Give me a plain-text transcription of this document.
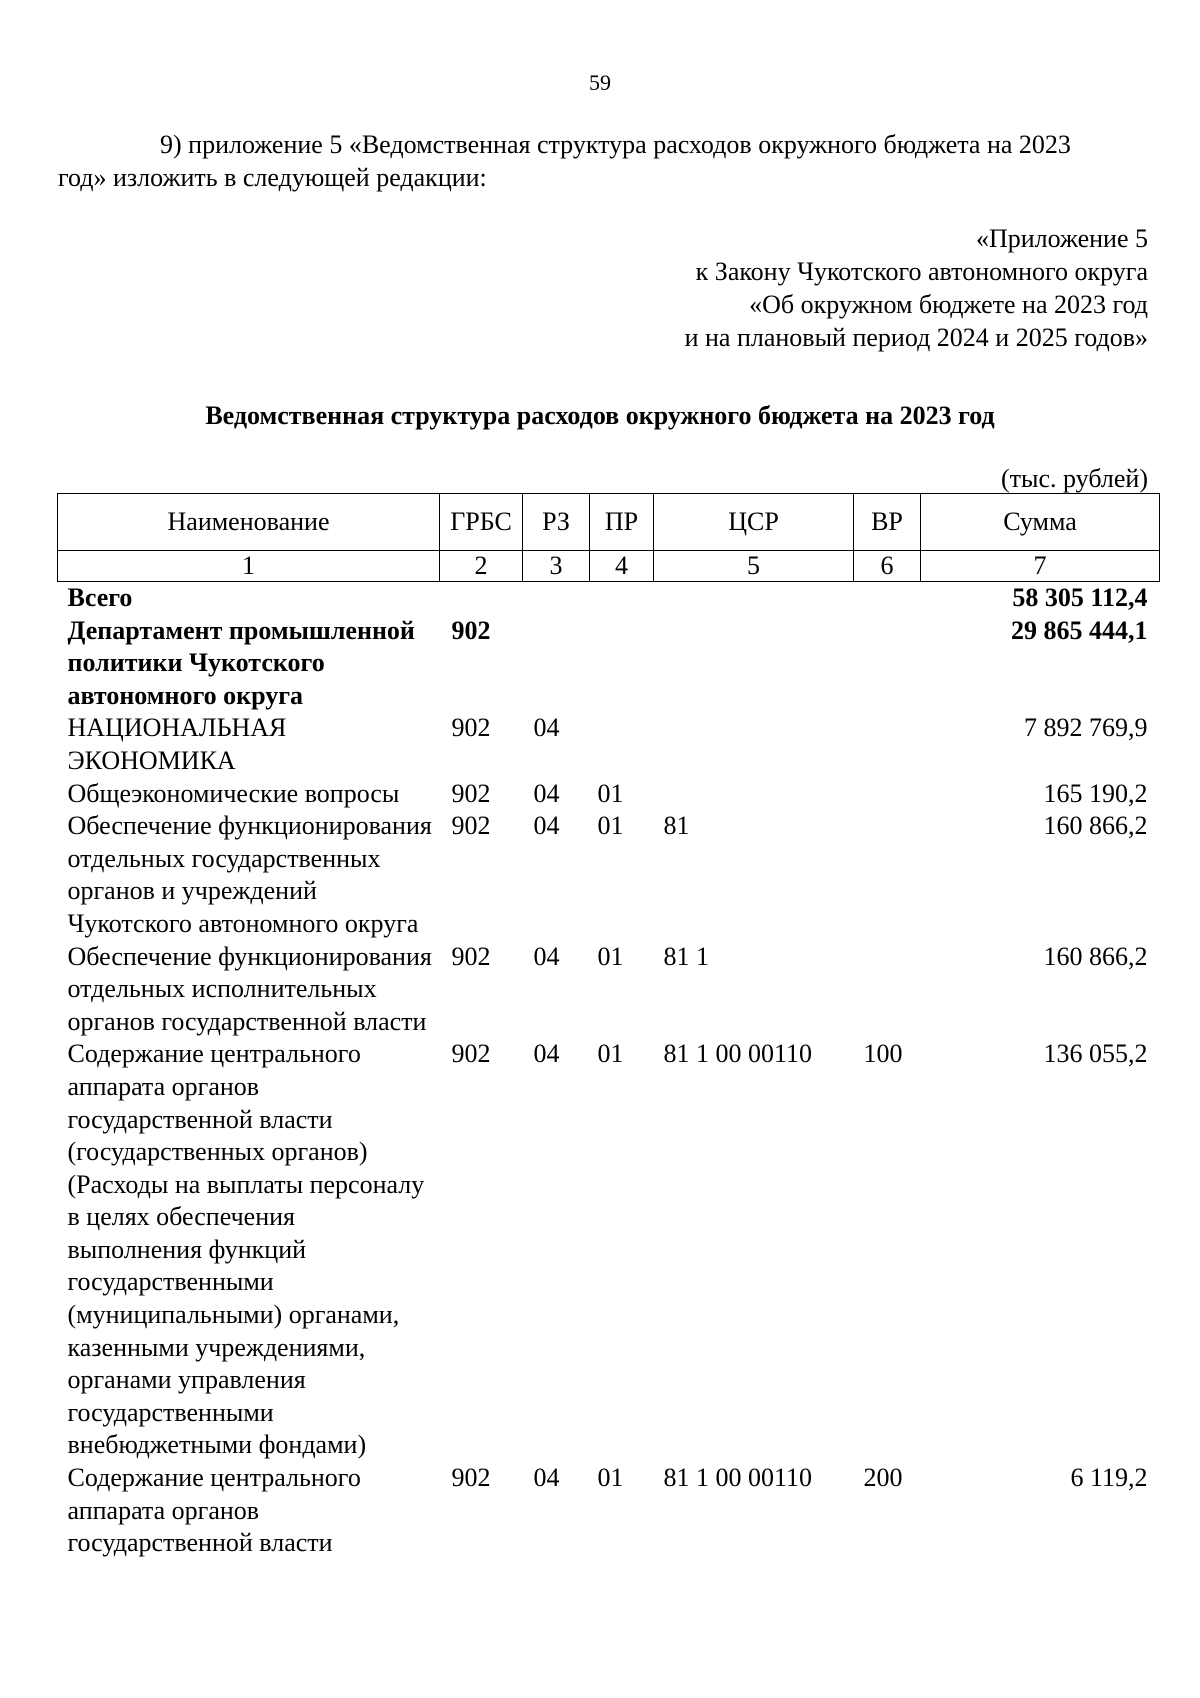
59

9) приложение 5 «Ведомственная структура расходов окружного бюджета на 2023
год» изложить в следующей редакции:

«Приложение 5
к Закону Чукотского автономного округа
«Об окружном бюджете на 2023 год
и на плановый период 2024 и 2025 годов»
Ведомственная структура расходов окружного бюджета на 2023 год
(тыс. рублей)
Наименование	ГРБС	РЗ	ПР	ЦСР	ВР	Сумма
1	2	3	4	5	6	7
Всего						58 305 112,4
Департамент промышленной политики Чукотского автономного округа	902					29 865 444,1
НАЦИОНАЛЬНАЯ ЭКОНОМИКА	902	04				7 892 769,9
Общеэкономические вопросы	902	04	01			165 190,2
Обеспечение функционирования отдельных государственных органов и учреждений Чукотского автономного округа	902	04	01	81		160 866,2
Обеспечение функционирования отдельных исполнительных органов государственной власти	902	04	01	81 1		160 866,2
Содержание центрального аппарата органов государственной власти (государственных органов) (Расходы на выплаты персоналу в целях обеспечения выполнения функций государственными (муниципальными) органами, казенными учреждениями, органами управления государственными внебюджетными фондами)	902	04	01	81 1 00 00110	100	136 055,2
Содержание центрального аппарата органов государственной власти	902	04	01	81 1 00 00110	200	6 119,2
